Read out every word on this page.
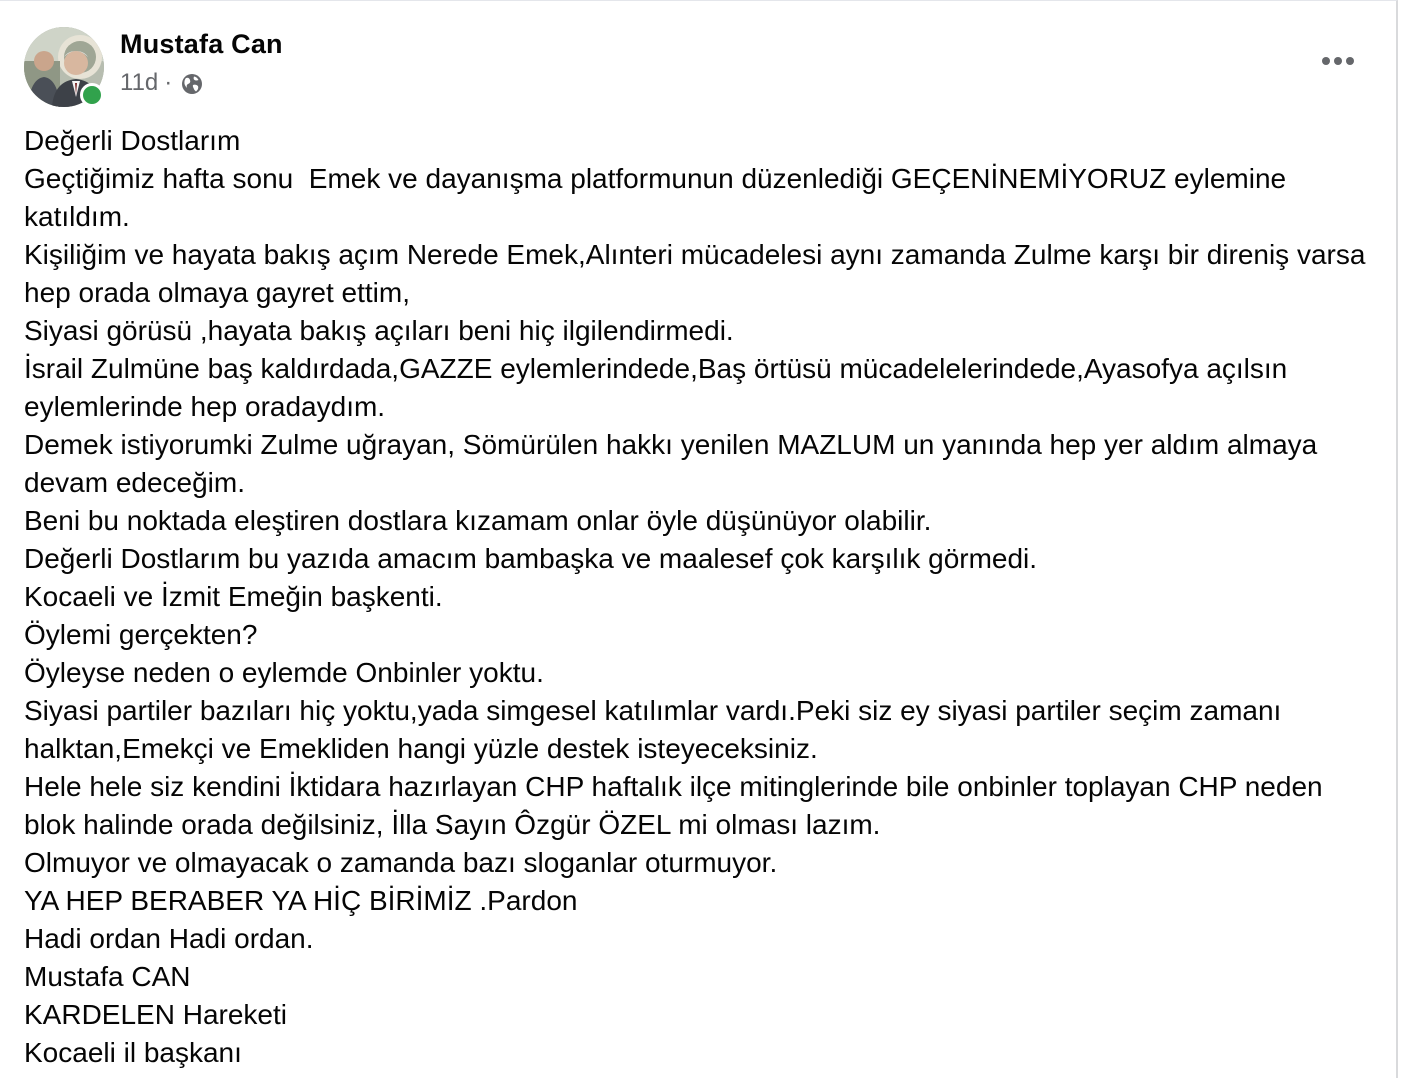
Mustafa Can
11d ·
Değerli Dostlarım
Geçtiğimiz hafta sonu  Emek ve dayanışma platformunun düzenlediği GEÇENİNEMİYORUZ eylemine katıldım.
Kişiliğim ve hayata bakış açım Nerede Emek,Alınteri mücadelesi aynı zamanda Zulme karşı bir direniş varsa hep orada olmaya gayret ettim,
Siyasi görüsü ,hayata bakış açıları beni hiç ilgilendirmedi.
İsrail Zulmüne baş kaldırdada,GAZZE eylemlerindede,Baş örtüsü mücadelelerindede,Ayasofya açılsın eylemlerinde hep oradaydım.
Demek istiyorumki Zulme uğrayan, Sömürülen hakkı yenilen MAZLUM un yanında hep yer aldım almaya devam edeceğim.
Beni bu noktada eleştiren dostlara kızamam onlar öyle düşünüyor olabilir.
Değerli Dostlarım bu yazıda amacım bambaşka ve maalesef çok karşılık görmedi.
Kocaeli ve İzmit Emeğin başkenti.
Öylemi gerçekten?
Öyleyse neden o eylemde Onbinler yoktu.
Siyasi partiler bazıları hiç yoktu,yada simgesel katılımlar vardı.Peki siz ey siyasi partiler seçim zamanı halktan,Emekçi ve Emekliden hangi yüzle destek isteyeceksiniz.
Hele hele siz kendini İktidara hazırlayan CHP haftalık ilçe mitinglerinde bile onbinler toplayan CHP neden blok halinde orada değilsiniz, İlla Sayın Ôzgür ÖZEL mi olması lazım.
Olmuyor ve olmayacak o zamanda bazı sloganlar oturmuyor.
YA HEP BERABER YA HİÇ BİRİMİZ .Pardon
Hadi ordan Hadi ordan.
Mustafa CAN
KARDELEN Hareketi
Kocaeli il başkanı
